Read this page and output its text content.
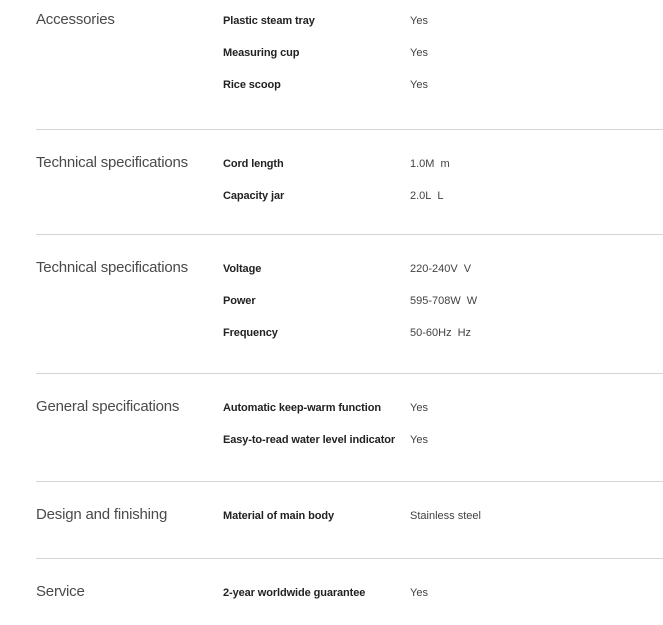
Accessories	Plastic steam tray	Yes
Measuring cup	Yes
Rice scoop	Yes
Technical specifications	Cord length	1.0M m
Capacity jar	2.0L L
Technical specifications	Voltage	220-240V V
Power	595-708W W
Frequency	50-60Hz Hz
General specifications	Automatic keep-warm function	Yes
Easy-to-read water level indicator	Yes
Design and finishing	Material of main body	Stainless steel
Service	2-year worldwide guarantee	Yes
